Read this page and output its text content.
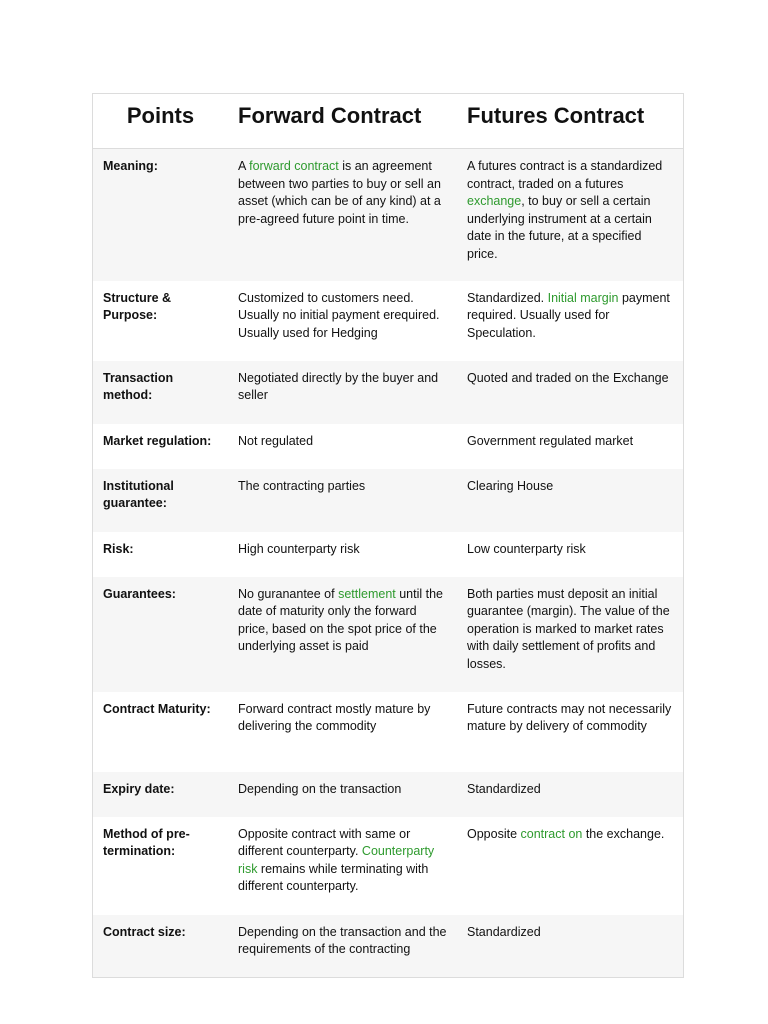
Points	Forward Contract	Futures Contract
Meaning:	A forward contract is an agreement between two parties to buy or sell an asset (which can be of any kind) at a pre-agreed future point in time.	A futures contract is a standardized contract, traded on a futures exchange, to buy or sell a certain underlying instrument at a certain date in the future, at a specified price.
Structure & Purpose:	Customized to customers need. Usually no initial payment erequired. Usually used for Hedging	Standardized. Initial margin payment required. Usually used for Speculation.
Transaction method:	Negotiated directly by the buyer and seller	Quoted and traded on the Exchange
Market regulation:	Not regulated	Government regulated market
Institutional guarantee:	The contracting parties	Clearing House
Risk:	High counterparty risk	Low counterparty risk
Guarantees:	No guranantee of settlement until the date of maturity only the forward price, based on the spot price of the underlying asset is paid	Both parties must deposit an initial guarantee (margin). The value of the operation is marked to market rates with daily settlement of profits and losses.
Contract Maturity:	Forward contract mostly mature by delivering the commodity	Future contracts may not necessarily mature by delivery of commodity
Expiry date:	Depending on the transaction	Standardized
Method of pre-termination:	Opposite contract with same or different counterparty. Counterparty risk remains while terminating with different counterparty.	Opposite contract on the exchange.
Contract size:	Depending on the transaction and the requirements of the contracting	Standardized
